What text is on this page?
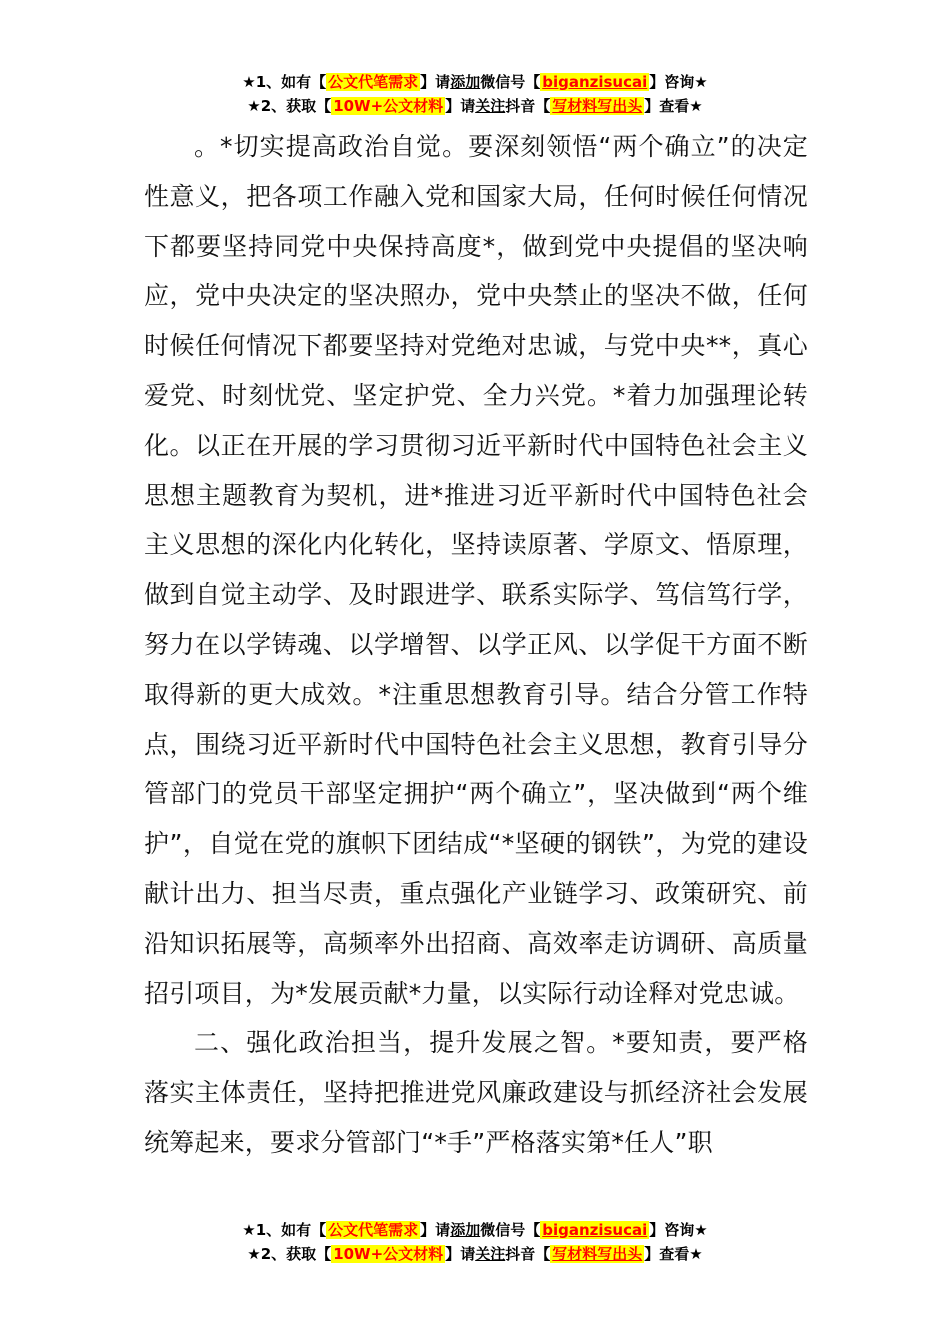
★1、如有【 公文代笔需求 】请添加微信号【 biganzisucai 】咨询★
★2、获取【 10W+公文材料 】请关注抖音【 写材料写出头 】查看★

。*切实提高政治自觉。要深刻领悟“两个确立”的决定性意义，把各项工作融入党和国家大局，任何时候任何情况下都要坚持同党中央保持高度*，做到党中央提倡的坚决响应，党中央决定的坚决照办，党中央禁止的坚决不做，任何时候任何情况下都要坚持对党绝对忠诚，与党中央**，真心爱党、时刻忧党、坚定护党、全力兴党。*着力加强理论转化。以正在开展的学习贯彻习近平新时代中国特色社会主义思想主题教育为契机，进*推进习近平新时代中国特色社会主义思想的深化内化转化，坚持读原著、学原文、悟原理，做到自觉主动学、及时跟进学、联系实际学、笃信笃行学，努力在以学铸魂、以学增智、以学正风、以学促干方面不断取得新的更大成效。*注重思想教育引导。结合分管工作特点，围绕习近平新时代中国特色社会主义思想，教育引导分管部门的党员干部坚定拥护“两个确立”，坚决做到“两个维护”，自觉在党的旗帜下团结成“*坚硬的钢铁”，为党的建设献计出力、担当尽责，重点强化产业链学习、政策研究、前沿知识拓展等，高频率外出招商、高效率走访调研、高质量招引项目，为*发展贡献*力量，以实际行动诠释对党忠诚。

二、强化政治担当，提升发展之智。*要知责，要严格落实主体责任，坚持把推进党风廉政建设与抓经济社会发展统筹起来，要求分管部门“*手”严格落实第*任人”职

★1、如有【 公文代笔需求 】请添加微信号【 biganzisucai 】咨询★
★2、获取【 10W+公文材料 】请关注抖音【 写材料写出头 】查看★
